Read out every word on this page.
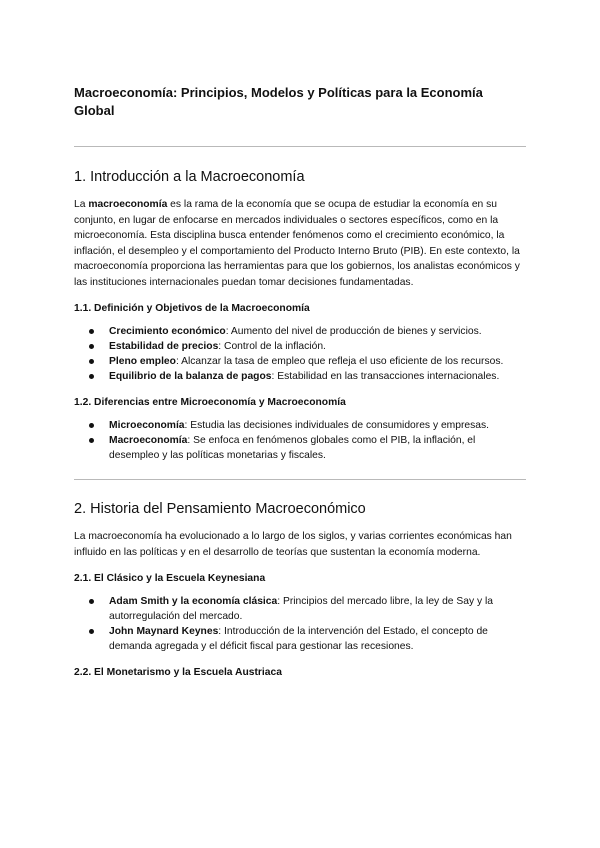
Macroeconomía: Principios, Modelos y Políticas para la Economía Global
1. Introducción a la Macroeconomía

La macroeconomía es la rama de la economía que se ocupa de estudiar la economía en su conjunto, en lugar de enfocarse en mercados individuales o sectores específicos, como en la microeconomía. Esta disciplina busca entender fenómenos como el crecimiento económico, la inflación, el desempleo y el comportamiento del Producto Interno Bruto (PIB). En este contexto, la macroeconomía proporciona las herramientas para que los gobiernos, los analistas económicos y las instituciones internacionales puedan tomar decisiones fundamentadas.

1.1. Definición y Objetivos de la Macroeconomía
Crecimiento económico: Aumento del nivel de producción de bienes y servicios.
Estabilidad de precios: Control de la inflación.
Pleno empleo: Alcanzar la tasa de empleo que refleja el uso eficiente de los recursos.
Equilibrio de la balanza de pagos: Estabilidad en las transacciones internacionales.
1.2. Diferencias entre Microeconomía y Macroeconomía
Microeconomía: Estudia las decisiones individuales de consumidores y empresas.
Macroeconomía: Se enfoca en fenómenos globales como el PIB, la inflación, el desempleo y las políticas monetarias y fiscales.
2. Historia del Pensamiento Macroeconómico

La macroeconomía ha evolucionado a lo largo de los siglos, y varias corrientes económicas han influido en las políticas y en el desarrollo de teorías que sustentan la economía moderna.

2.1. El Clásico y la Escuela Keynesiana
Adam Smith y la economía clásica: Principios del mercado libre, la ley de Say y la autorregulación del mercado.
John Maynard Keynes: Introducción de la intervención del Estado, el concepto de demanda agregada y el déficit fiscal para gestionar las recesiones.
2.2. El Monetarismo y la Escuela Austriaca
